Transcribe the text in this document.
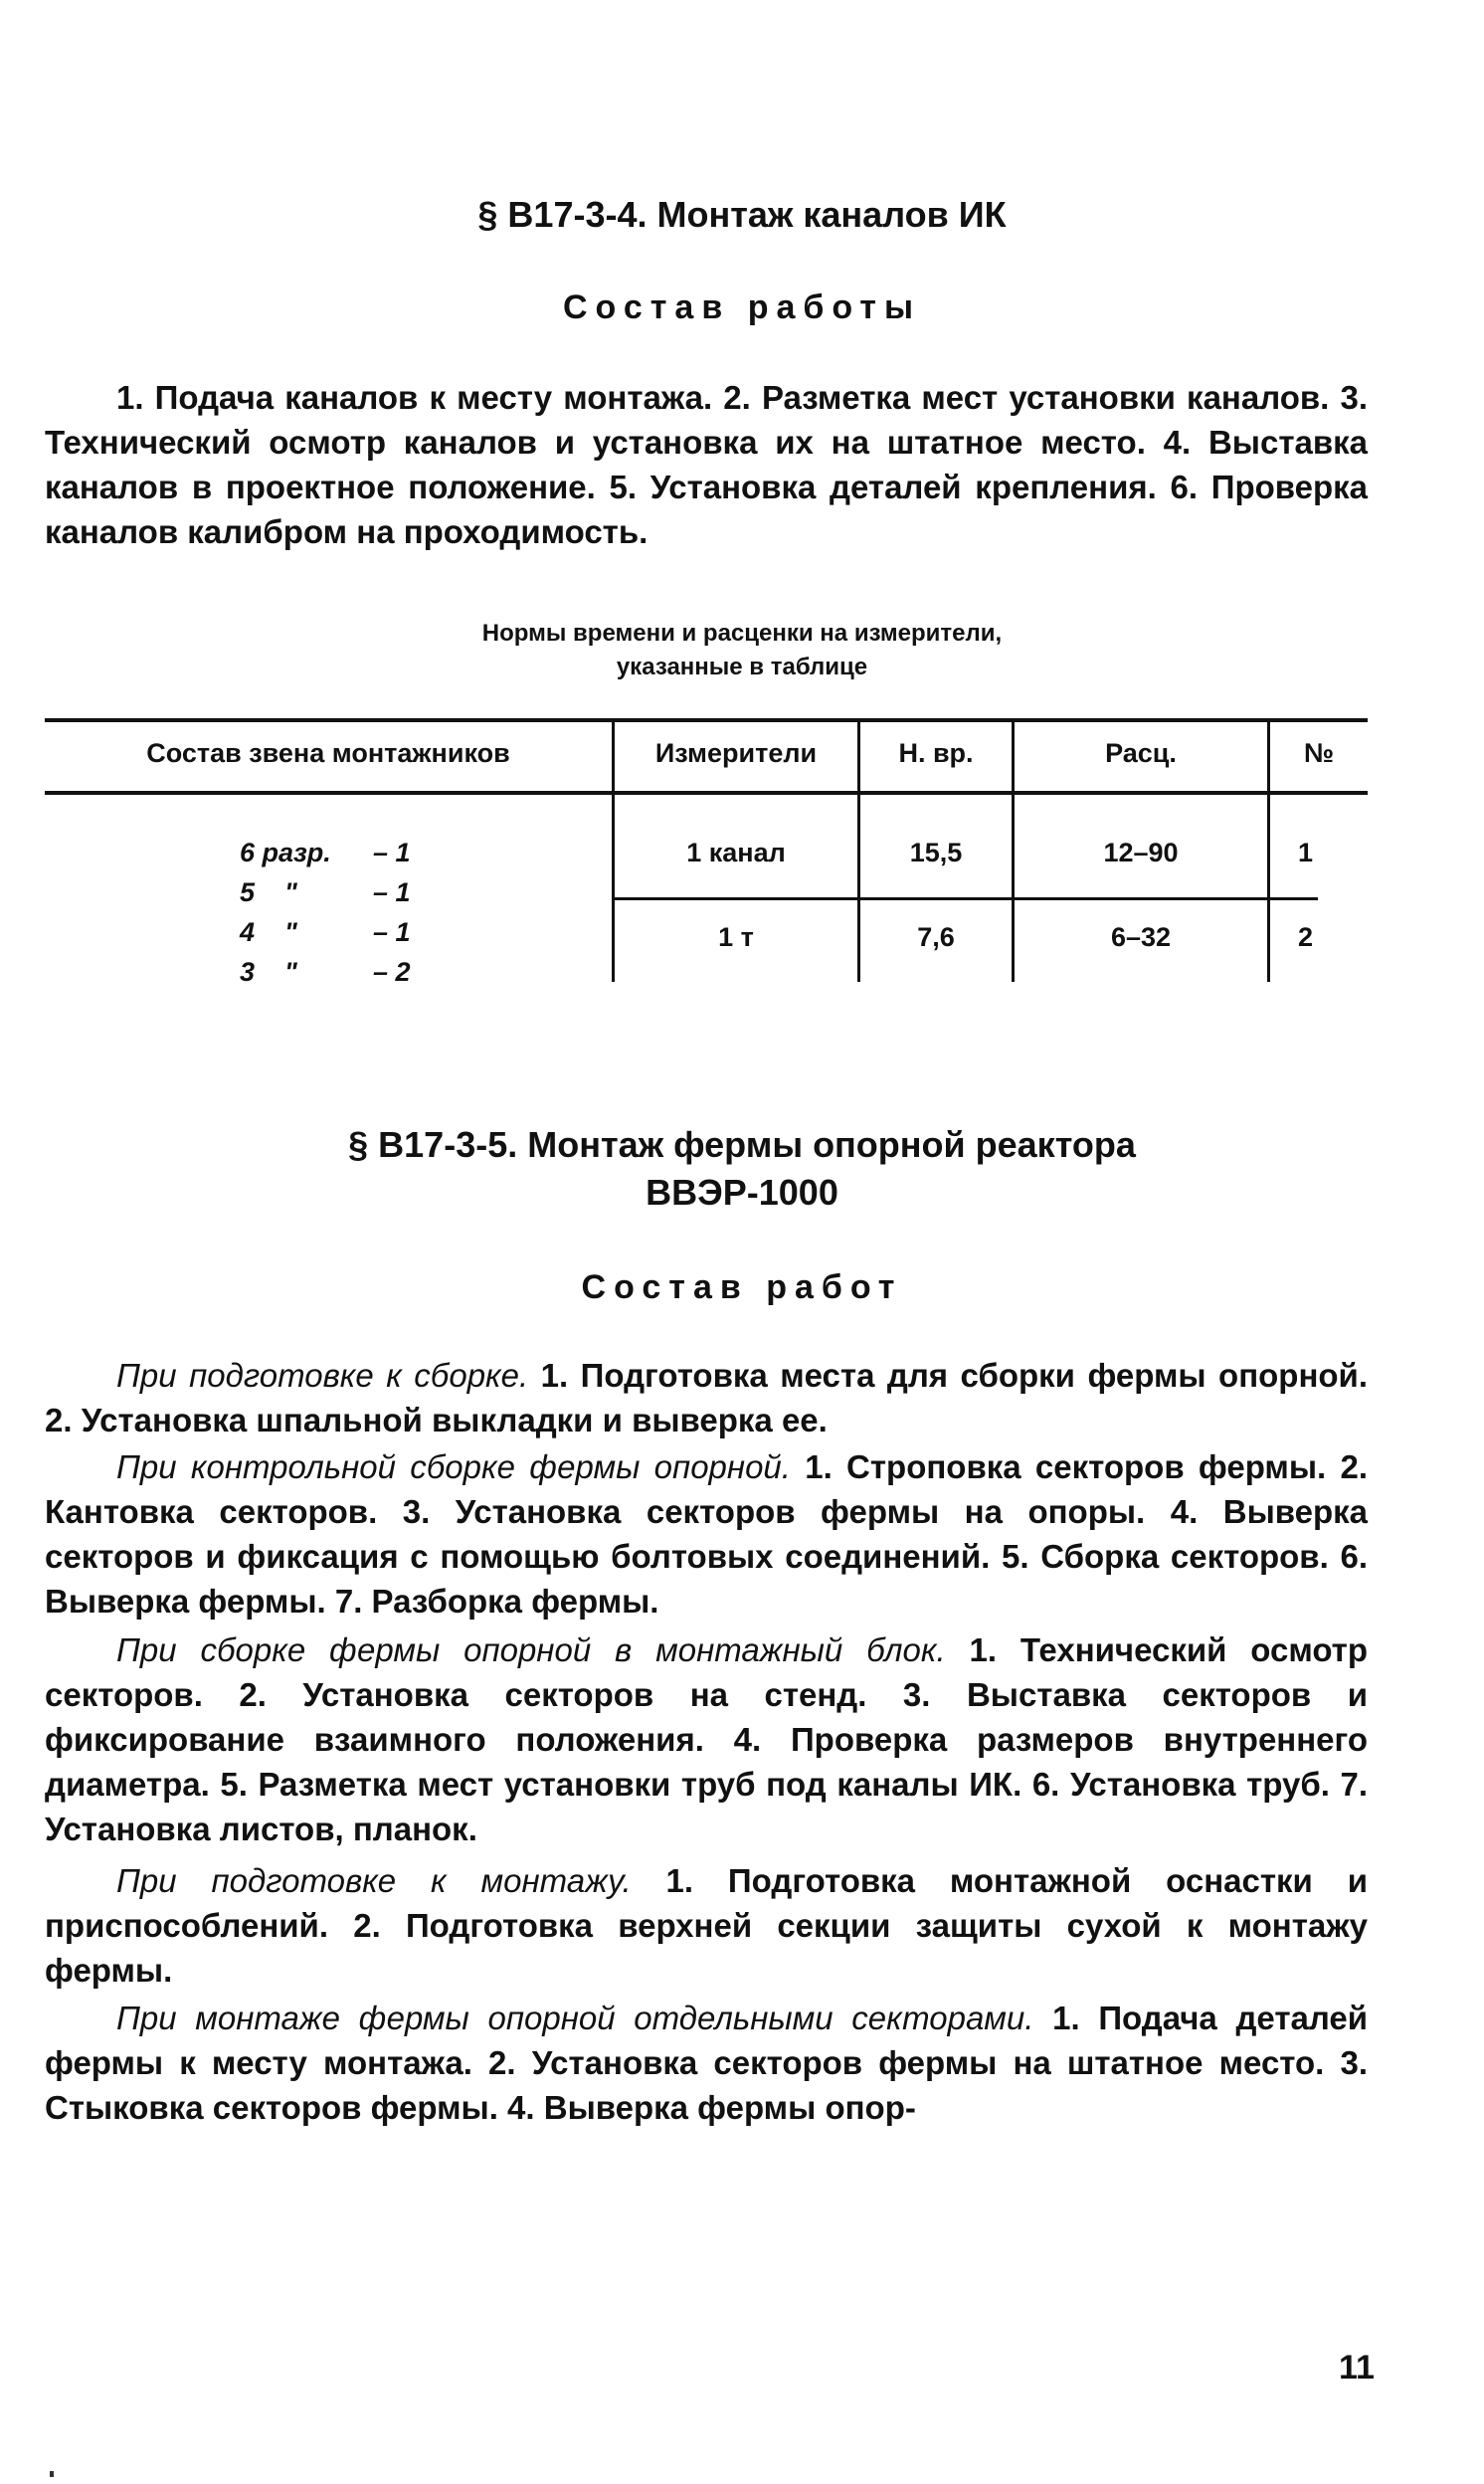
§ В17-3-4. Монтаж каналов ИК
Состав работы

1. Подача каналов к месту монтажа. 2. Разметка мест установки каналов. 3. Технический осмотр каналов и установка их на штатное место. 4. Выставка каналов в проектное положение. 5. Установка деталей крепления. 6. Проверка каналов калибром на проходимость.

Нормы времени и расценки на измерители,
указанные в таблице
Состав звена монтажников	Измерители	Н. вр.	Расц.	№
6 разр. – 1
5    "	– 1
4    "	– 1
3    "	– 2
1 канал	15,5	12–90	1
1 т	7,6	6–32	2
§ В17-3-5. Монтаж фермы опорной реактора
ВВЭР-1000
Состав работ

При подготовке к сборке. 1. Подготовка места для сборки фермы опорной. 2. Установка шпальной выкладки и выверка ее.

При контрольной сборке фермы опорной. 1. Строповка секторов фермы. 2. Кантовка секторов. 3. Установка секторов фермы на опоры. 4. Выверка секторов и фиксация с помощью болтовых соединений. 5. Сборка секторов. 6. Выверка фермы. 7. Разборка фермы.

При сборке фермы опорной в монтажный блок. 1. Технический осмотр секторов. 2. Установка секторов на стенд. 3. Выставка секторов и фиксирование взаимного положения. 4. Проверка размеров внутреннего диаметра. 5. Разметка мест установки труб под каналы ИК. 6. Установка труб. 7. Установка листов, планок.

При подготовке к монтажу. 1. Подготовка монтажной оснастки и приспособлений. 2. Подготовка верхней секции защиты сухой к монтажу фермы.

При монтаже фермы опорной отдельными секторами. 1. Подача деталей фермы к месту монтажа. 2. Установка секторов фермы на штатное место. 3. Стыковка секторов фермы. 4. Выверка фермы опор-

11
